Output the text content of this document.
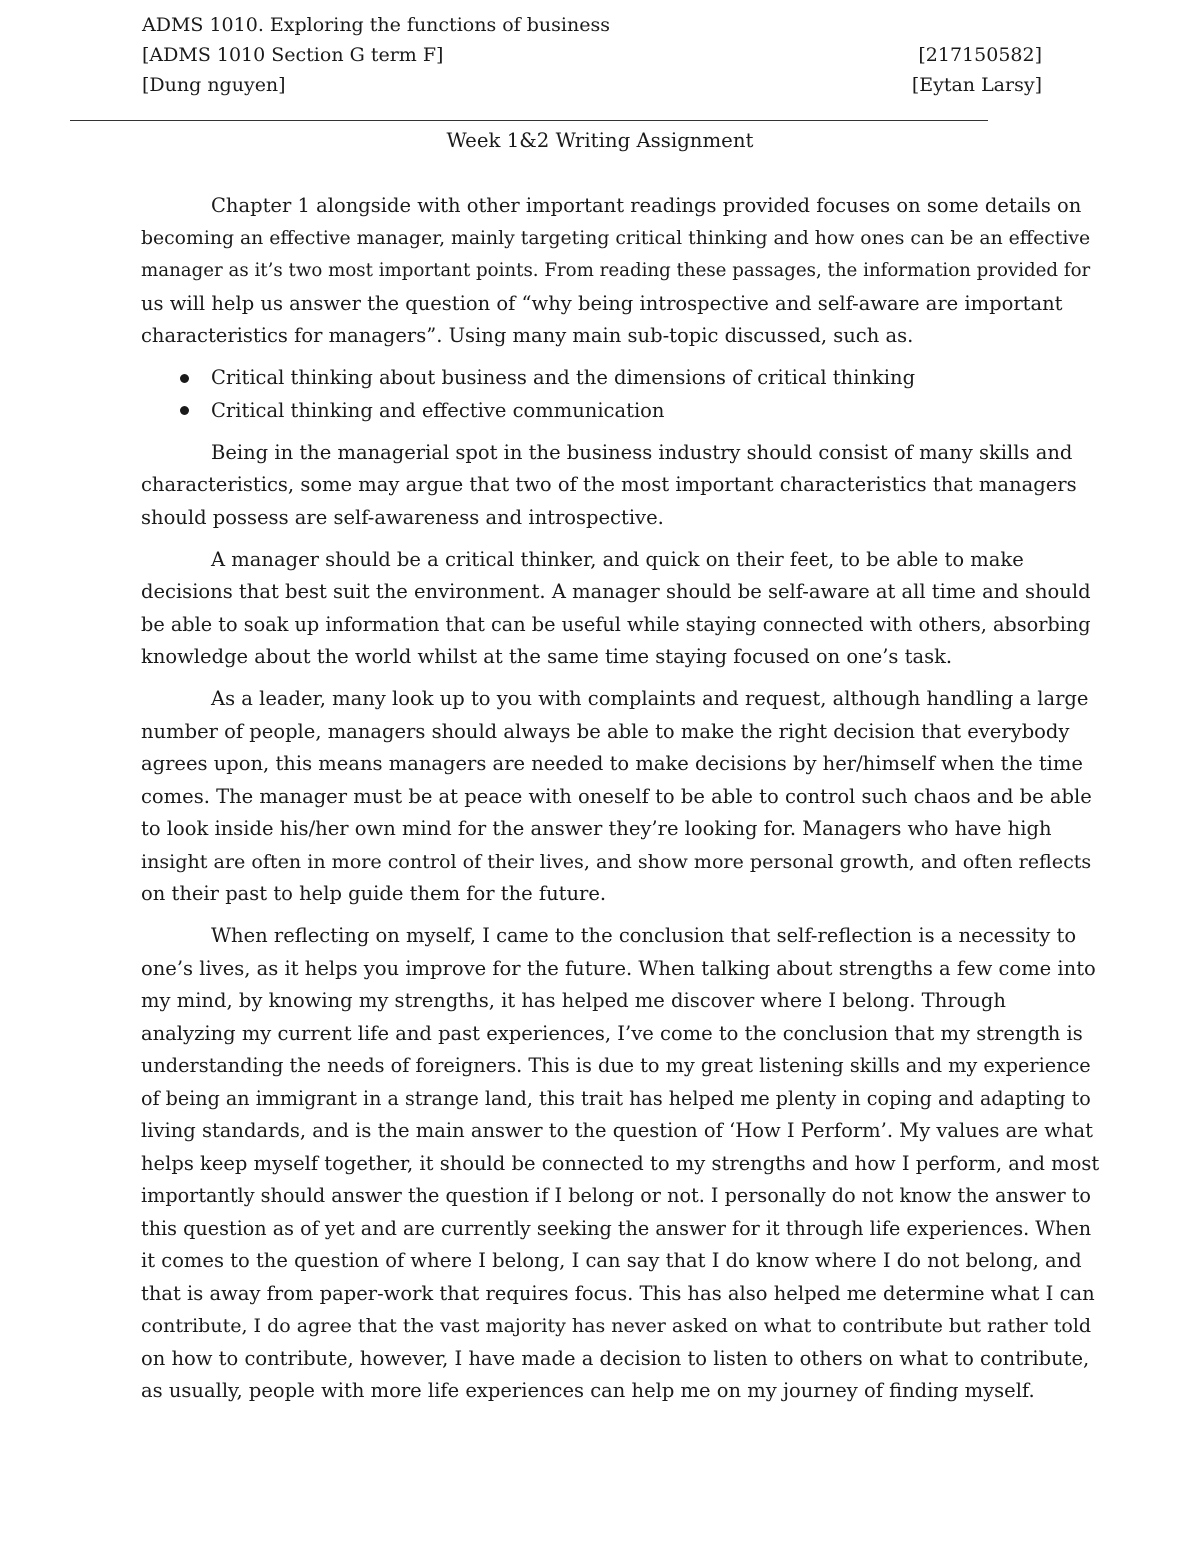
ADMS 1010. Exploring the functions of business
[ADMS 1010 Section G term F]	[217150582]
[Dung nguyen]	[Eytan Larsy]
Week 1&2 Writing Assignment
Chapter 1 alongside with other important readings provided focuses on some details on
becoming an effective manager, mainly targeting critical thinking and how ones can be an effective
manager as it’s two most important points. From reading these passages, the information provided for
us will help us answer the question of “why being introspective and self-aware are important
characteristics for managers”. Using many main sub-topic discussed, such as.
Critical thinking about business and the dimensions of critical thinking
Critical thinking and effective communication
Being in the managerial spot in the business industry should consist of many skills and
characteristics, some may argue that two of the most important characteristics that managers
should possess are self-awareness and introspective.
A manager should be a critical thinker, and quick on their feet, to be able to make
decisions that best suit the environment. A manager should be self-aware at all time and should
be able to soak up information that can be useful while staying connected with others, absorbing
knowledge about the world whilst at the same time staying focused on one’s task.
As a leader, many look up to you with complaints and request, although handling a large
number of people, managers should always be able to make the right decision that everybody
agrees upon, this means managers are needed to make decisions by her/himself when the time
comes. The manager must be at peace with oneself to be able to control such chaos and be able
to look inside his/her own mind for the answer they’re looking for. Managers who have high
insight are often in more control of their lives, and show more personal growth, and often reflects
on their past to help guide them for the future.
When reflecting on myself, I came to the conclusion that self-reflection is a necessity to
one’s lives, as it helps you improve for the future. When talking about strengths a few come into
my mind, by knowing my strengths, it has helped me discover where I belong. Through
analyzing my current life and past experiences, I’ve come to the conclusion that my strength is
understanding the needs of foreigners. This is due to my great listening skills and my experience
of being an immigrant in a strange land, this trait has helped me plenty in coping and adapting to
living standards, and is the main answer to the question of ‘How I Perform’. My values are what
helps keep myself together, it should be connected to my strengths and how I perform, and most
importantly should answer the question if I belong or not. I personally do not know the answer to
this question as of yet and are currently seeking the answer for it through life experiences. When
it comes to the question of where I belong, I can say that I do know where I do not belong, and
that is away from paper-work that requires focus. This has also helped me determine what I can
contribute, I do agree that the vast majority has never asked on what to contribute but rather told
on how to contribute, however, I have made a decision to listen to others on what to contribute,
as usually, people with more life experiences can help me on my journey of finding myself.
